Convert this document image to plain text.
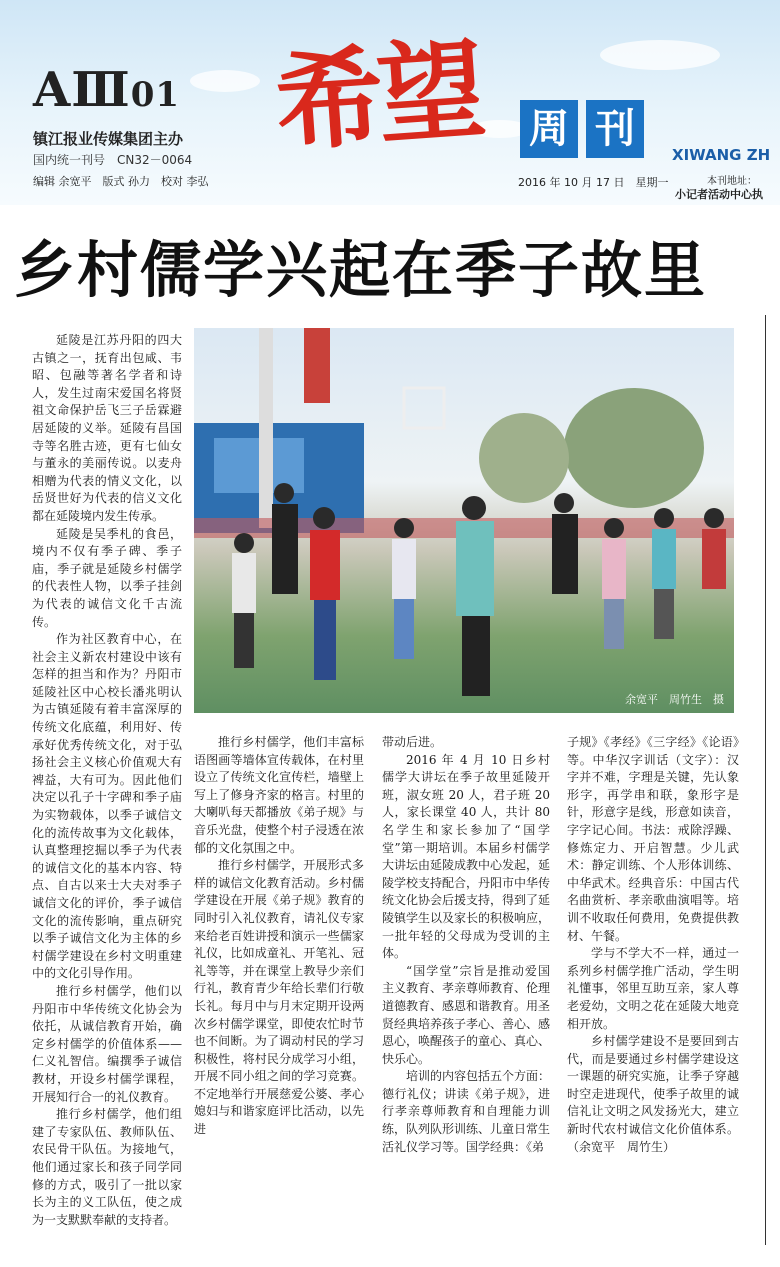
AⅢ01 希望 周 刊
XIWANG ZH
镇江报业传媒集团主办
国内统一刊号　CN32－0064
编辑 余宽平　版式 孙力　校对 李弘	2016 年 10 月 17 日　星期一	本刊地址：
小记者活动中心执
乡村儒学兴起在季子故里

延陵是江苏丹阳的四大古镇之一，抚育出包咸、韦昭、包融等著名学者和诗人，发生过南宋爱国名将贤祖文命保护岳飞三子岳霖避居延陵的义举。延陵有昌国寺等名胜古迹，更有七仙女与董永的美丽传说。以麦舟相赠为代表的情义文化，以岳贤世好为代表的信义文化都在延陵境内发生传承。

延陵是吴季札的食邑，境内不仅有季子碑、季子庙，季子就是延陵乡村儒学的代表性人物，以季子挂剑为代表的诚信文化千古流传。

作为社区教育中心，在社会主义新农村建设中该有怎样的担当和作为？丹阳市延陵社区中心校长潘兆明认为古镇延陵有着丰富深厚的传统文化底蕴，利用好、传承好优秀传统文化，对于弘扬社会主义核心价值观大有裨益，大有可为。因此他们决定以孔子十字碑和季子庙为实物载体，以季子诚信文化的流传故事为文化载体，认真整理挖掘以季子为代表的诚信文化的基本内容、特点、自古以来士大夫对季子诚信文化的评价，季子诚信文化的流传影响，重点研究以季子诚信文化为主体的乡村儒学建设在乡村文明重建中的文化引导作用。

推行乡村儒学，他们以丹阳市中华传统文化协会为依托，从诚信教育开始，确定乡村儒学的价值体系——仁义礼智信。编撰季子诚信教材，开设乡村儒学课程，开展知行合一的礼仪教育。

推行乡村儒学，他们组建了专家队伍、教师队伍、农民骨干队伍。为接地气，他们通过家长和孩子同学同修的方式，吸引了一批以家长为主的义工队伍，使之成为一支默默奉献的支持者。

余宽平　周竹生　摄

推行乡村儒学，他们丰富标语图画等墙体宣传载体，在村里设立了传统文化宣传栏，墙壁上写上了修身齐家的格言。村里的大喇叭每天都播放《弟子规》与音乐光盘，使整个村子浸透在浓郁的文化氛围之中。

推行乡村儒学，开展形式多样的诚信文化教育活动。乡村儒学建设在开展《弟子规》教育的同时引入礼仪教育，请礼仪专家来给老百姓讲授和演示一些儒家礼仪，比如成童礼、开笔礼、冠礼等等，并在课堂上教导少亲们行礼，教育青少年给长辈们行敬长礼。每月中与月末定期开设两次乡村儒学课堂，即使农忙时节也不间断。为了调动村民的学习积极性，将村民分成学习小组，开展不同小组之间的学习竞赛。不定地举行开展慈爱公婆、孝心媳妇与和谐家庭评比活动，以先进

带动后进。

2016 年 4 月 10 日乡村儒学大讲坛在季子故里延陵开班，淑女班 20 人，君子班 20 人，家长课堂 40 人，共计 80 名学生和家长参加了“国学堂”第一期培训。本届乡村儒学大讲坛由延陵成教中心发起，延陵学校支持配合，丹阳市中华传统文化协会后援支持，得到了延陵镇学生以及家长的积极响应，一批年轻的父母成为受训的主体。

“国学堂”宗旨是推动爱国主义教育、孝亲尊师教育、伦理道德教育、感恩和谐教育。用圣贤经典培养孩子孝心、善心、感恩心，唤醒孩子的童心、真心、快乐心。

培训的内容包括五个方面：德行礼仪；讲读《弟子规》，进行孝亲尊师教育和自理能力训练，队列队形训练、儿童日常生活礼仪学习等。国学经典：《弟

子规》《孝经》《三字经》《论语》等。中华汉字训话（文字）：汉字并不难，字理是关键，先认象形字，再学串和联，象形字是针，形意字是线，形意如读音，字字记心间。书法：戒除浮躁、修炼定力、开启智慧。少儿武术：静定训练、个人形体训练、中华武术。经典音乐：中国古代名曲赏析、孝亲歌曲演唱等。培训不收取任何费用，免费提供教材、午餐。

学与不学大不一样，通过一系列乡村儒学推广活动，学生明礼懂事，邻里互助互亲，家人尊老爱幼，文明之花在延陵大地竞相开放。

乡村儒学建设不是要回到古代，而是要通过乡村儒学建设这一课题的研究实施，让季子穿越时空走进现代，使季子故里的诚信礼让文明之风发扬光大，建立新时代农村诚信文化价值体系。（余宽平　周竹生）
